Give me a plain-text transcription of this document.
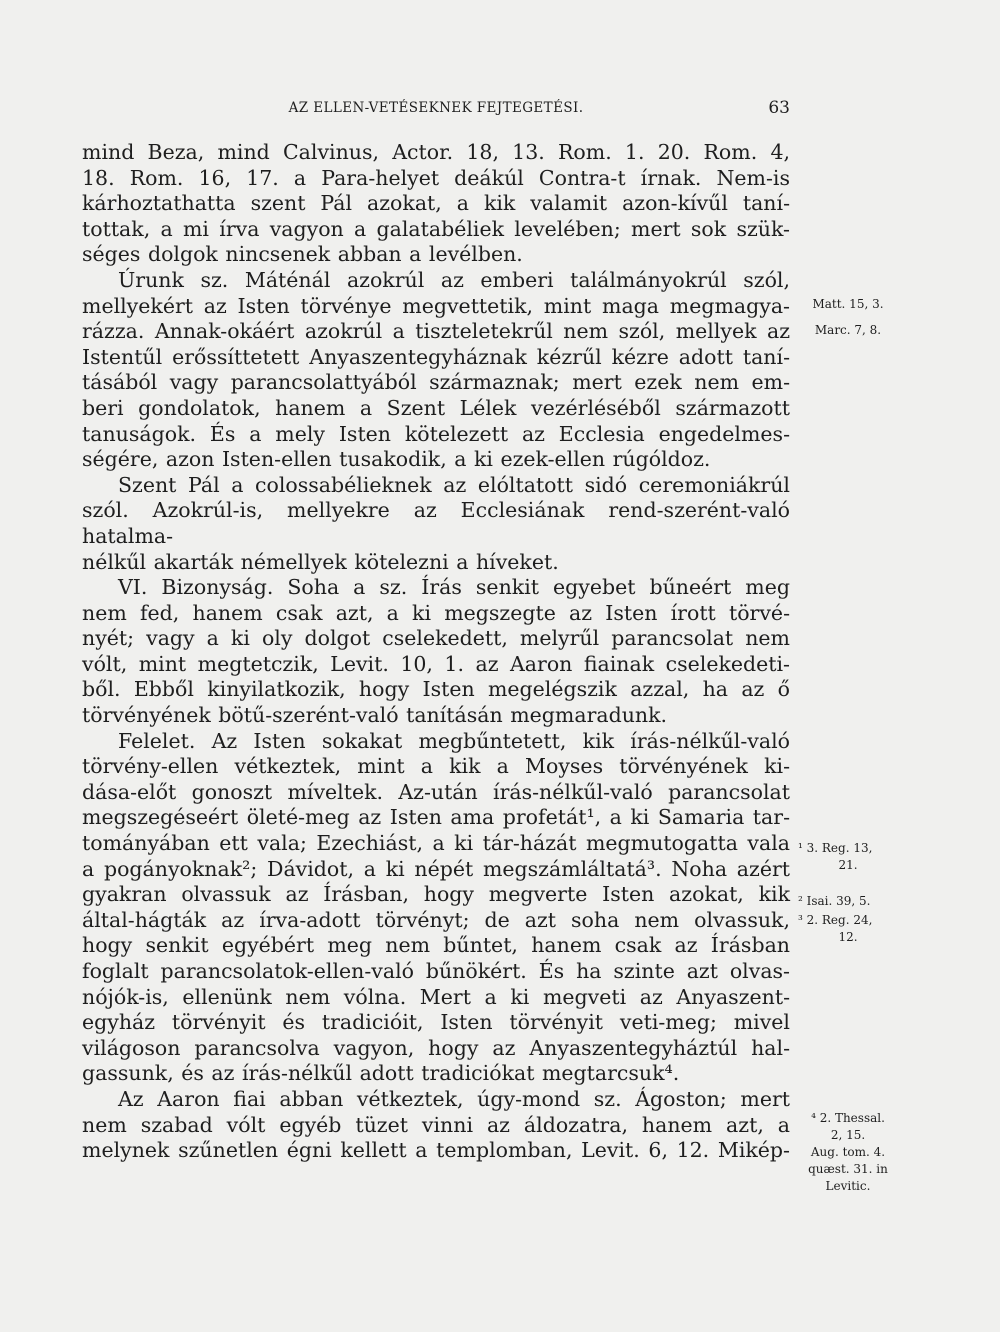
AZ ELLEN-VETÉSEKNEK FEJTEGETÉSI.	63

mind Beza, mind Calvinus, Actor. 18, 13. Rom. 1. 20. Rom. 4,
18. Rom. 16, 17. a Para-helyet deákúl Contra-t írnak. Nem-is
kárhoztathatta szent Pál azokat, a kik valamit azon-kívűl taní-
tottak, a mi írva vagyon a galatabéliek levelében; mert sok szük-
séges dolgok nincsenek abban a levélben.

Úrunk sz. Máténál azokrúl az emberi találmányokrúl szól,
mellyekért az Isten törvénye megvettetik, mint maga megmagya-
rázza. Annak-okáért azokrúl a tiszteletekrűl nem szól, mellyek az
Istentűl erőssíttetett Anyaszentegyháznak kézrűl kézre adott taní-
tásából vagy parancsolattyából származnak; mert ezek nem em-
beri gondolatok, hanem a Szent Lélek vezérléséből származott
tanuságok. És a mely Isten kötelezett az Ecclesia engedelmes-
ségére, azon Isten-ellen tusakodik, a ki ezek-ellen rúgóldoz.

Szent Pál a colossabélieknek az elóltatott sidó ceremoniákrúl
szól. Azokrúl-is, mellyekre az Ecclesiának rend-szerént-való hatalma-
nélkűl akarták némellyek kötelezni a híveket.

VI. Bizonyság. Soha a sz. Írás senkit egyebet bűneért meg
nem fed, hanem csak azt, a ki megszegte az Isten írott törvé-
nyét; vagy a ki oly dolgot cselekedett, melyrűl parancsolat nem
vólt, mint megtetczik, Levit. 10, 1. az Aaron fiainak cselekedeti-
ből. Ebből kinyilatkozik, hogy Isten megelégszik azzal, ha az ő
törvényének bötű-szerént-való tanításán megmaradunk.

Felelet. Az Isten sokakat megbűntetett, kik írás-nélkűl-való
törvény-ellen vétkeztek, mint a kik a Moyses törvényének ki-
dása-előt gonoszt míveltek. Az-után írás-nélkűl-való parancsolat
megszegéseért öleté-meg az Isten ama profetát¹, a ki Samaria tar-
tományában ett vala; Ezechiást, a ki tár-házát megmutogatta vala
a pogányoknak²; Dávidot, a ki népét megszámláltatá³. Noha azért
gyakran olvassuk az Írásban, hogy megverte Isten azokat, kik
által-hágták az írva-adott törvényt; de azt soha nem olvassuk,
hogy senkit egyébért meg nem bűntet, hanem csak az Írásban
foglalt parancsolatok-ellen-való bűnökért. És ha szinte azt olvas-
nójók-is, ellenünk nem vólna. Mert a ki megveti az Anyaszent-
egyház törvényit és tradicióit, Isten törvényit veti-meg; mivel
világoson parancsolva vagyon, hogy az Anyaszentegyháztúl hal-
gassunk, és az írás-nélkűl adott tradiciókat megtarcsuk⁴.

Az Aaron fiai abban vétkeztek, úgy-mond sz. Ágoston; mert
nem szabad vólt egyéb tüzet vinni az áldozatra, hanem azt, a
melynek szűnetlen égni kellett a templomban, Levit. 6, 12. Mikép-

Matt. 15, 3.
Marc. 7, 8.
¹ 3. Reg. 13,
21.
² Isai. 39, 5.
³ 2. Reg. 24,
12.
⁴ 2. Thessal.
2, 15.
Aug. tom. 4.
quæst. 31. in
Levitic.
